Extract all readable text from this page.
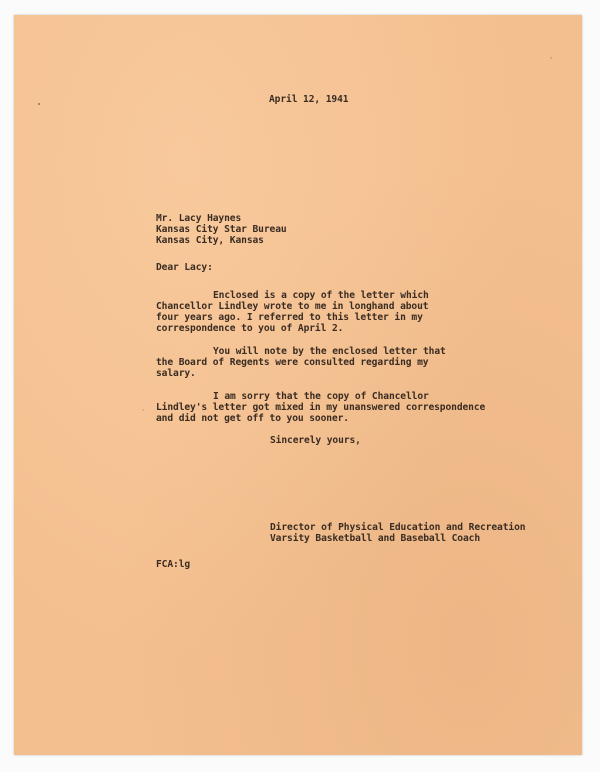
April 12, 1941
Mr. Lacy Haynes
Kansas City Star Bureau
Kansas City, Kansas
Dear Lacy:
Enclosed is a copy of the letter which
Chancellor Lindley wrote to me in longhand about
four years ago. I referred to this letter in my
correspondence to you of April 2.
You will note by the enclosed letter that
the Board of Regents were consulted regarding my
salary.
I am sorry that the copy of Chancellor
Lindley's letter got mixed in my unanswered correspondence
and did not get off to you sooner.
Sincerely yours,
Director of Physical Education and Recreation
Varsity Basketball and Baseball Coach
FCA:lg
